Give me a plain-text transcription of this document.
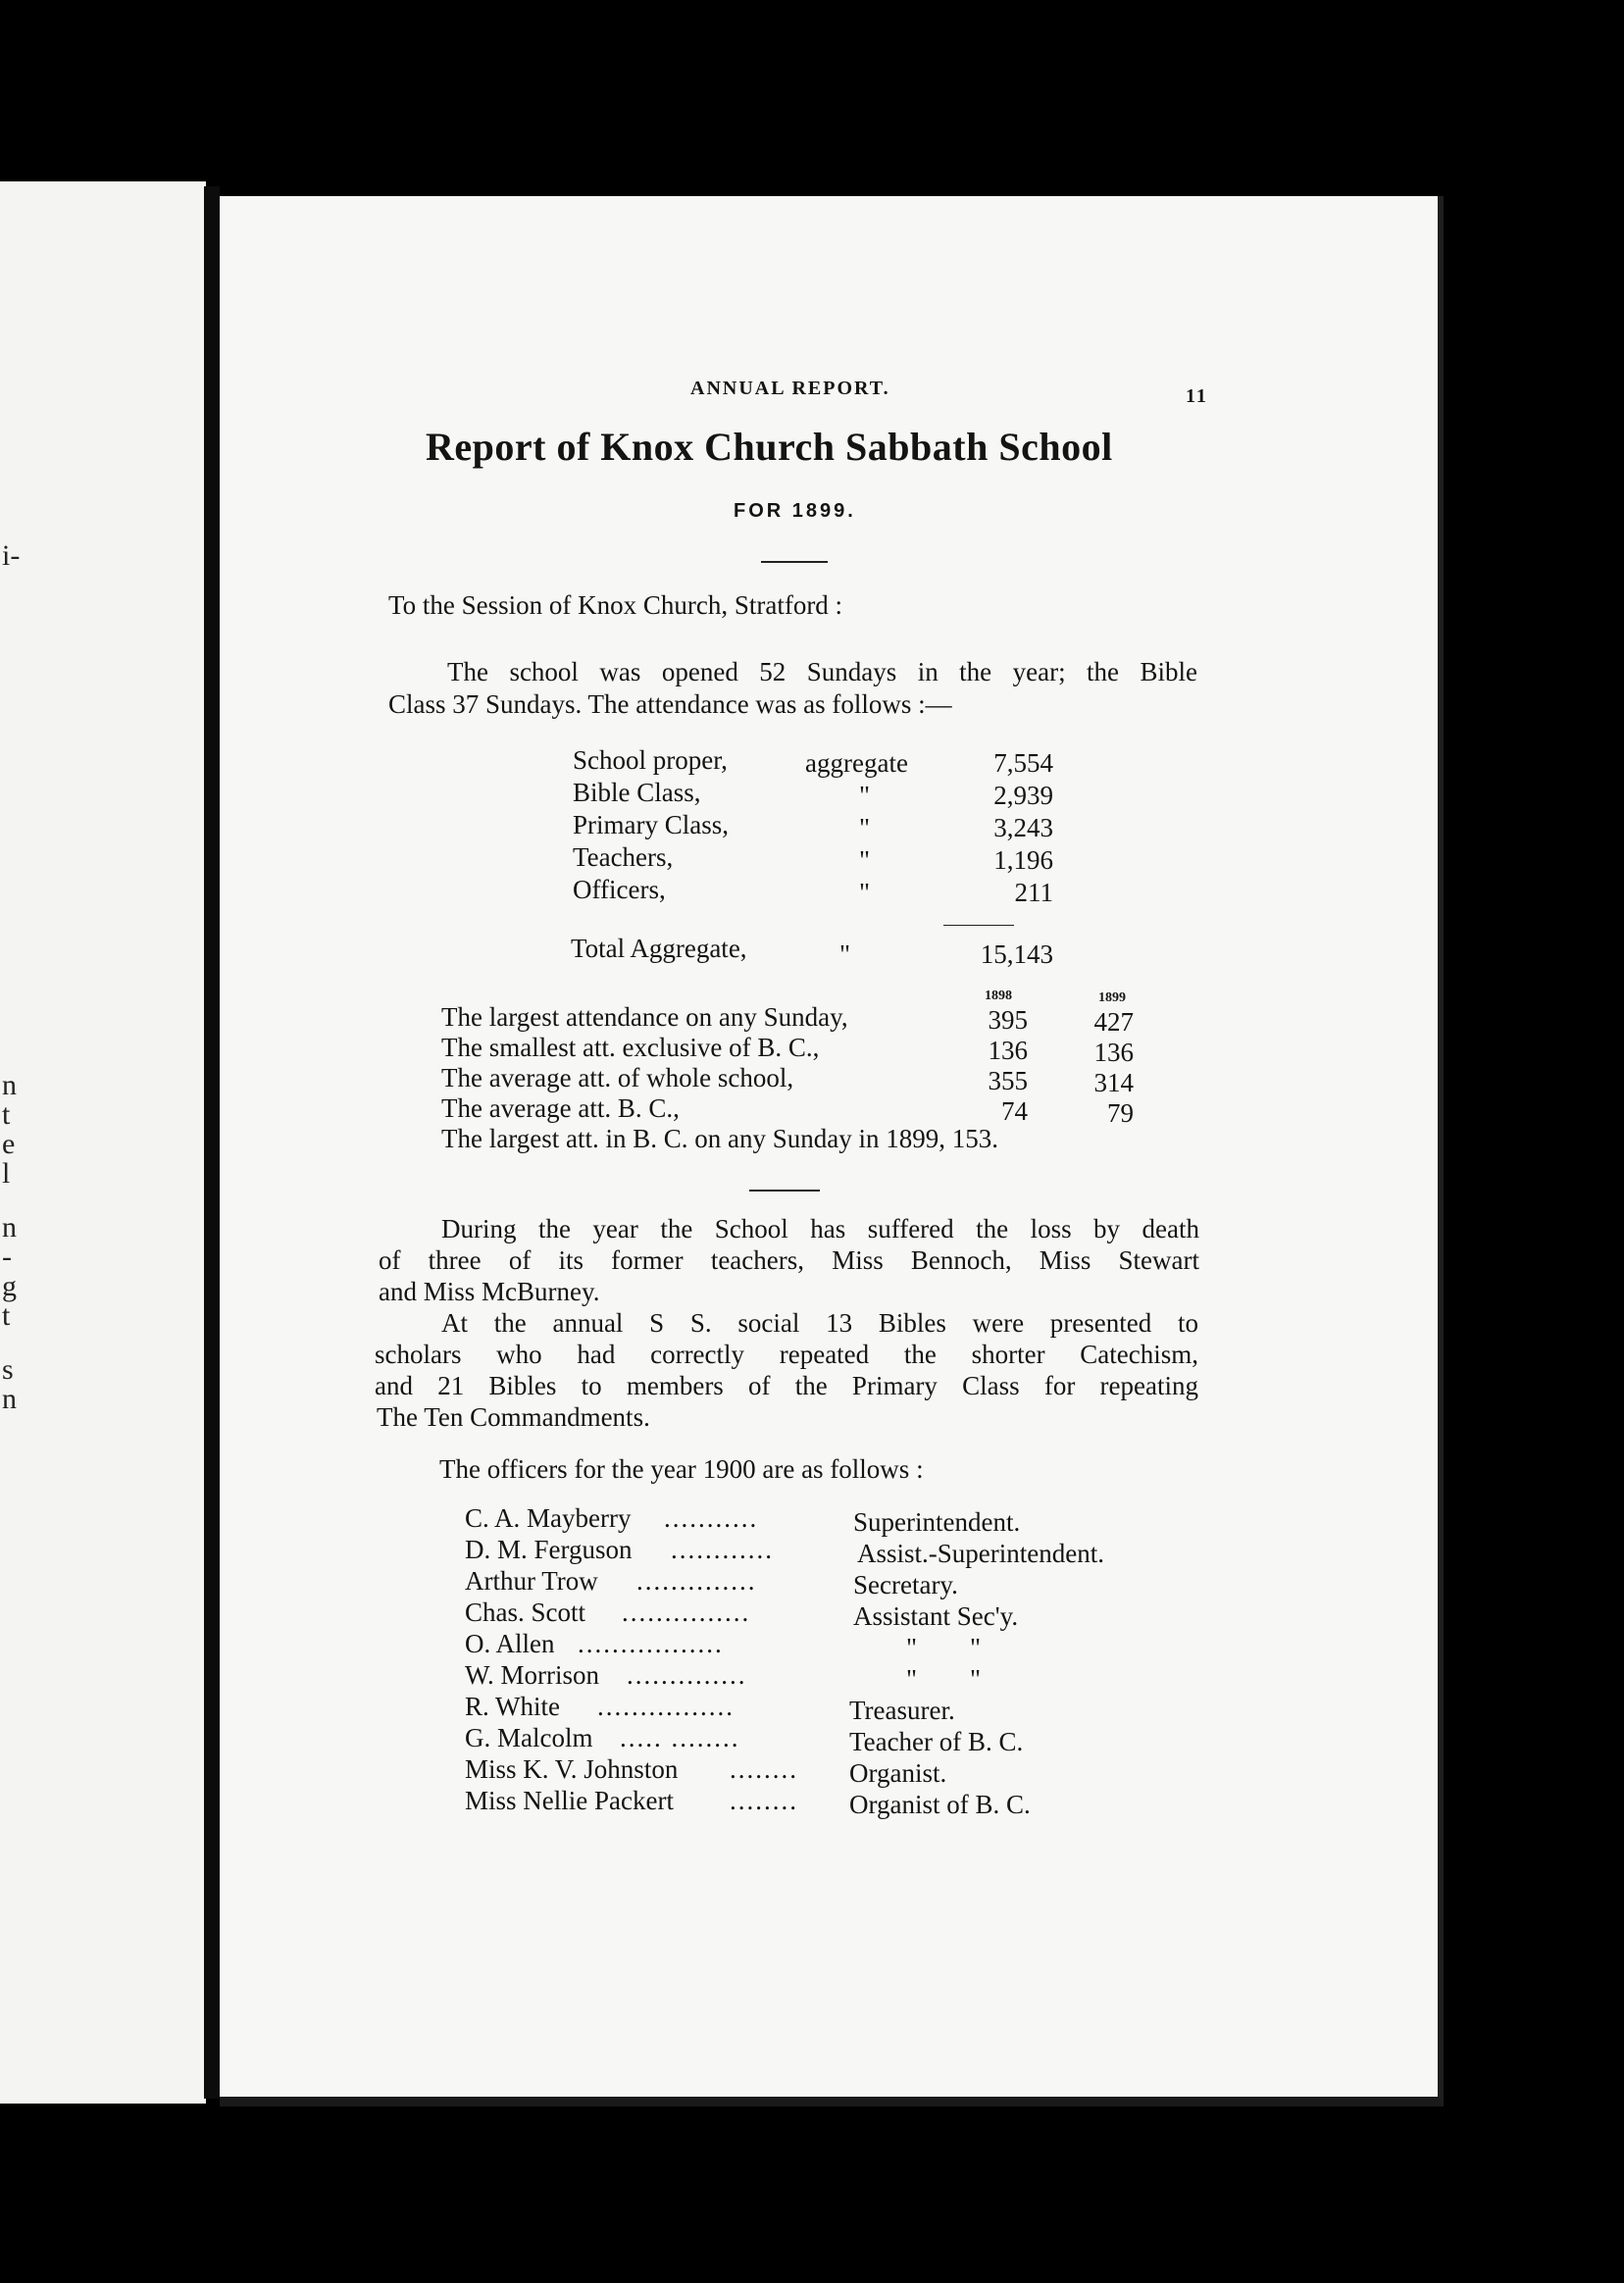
i-
n
t
e
l
n
-
g
t
s
n
ANNUAL REPORT.	11
Report of Knox Church Sabbath School
FOR 1899.
To the Session of Knox Church, Stratford :
The school was opened 52 Sundays in the year; the Bible
Class 37 Sundays. The attendance was as follows :—
School proper,	aggregate	7,554
Bible Class,	"	2,939
Primary Class,	"	3,243
Teachers,	"	1,196
Officers,	"	211
Total Aggregate,	"	15,143
1898	1899
The largest attendance on any Sunday,	395	427
The smallest att. exclusive of B. C.,	136	136
The average att. of whole school,	355	314
The average att. B. C.,	74	79
The largest att. in B. C. on any Sunday in 1899, 153.
During the year the School has suffered the loss by death
of three of its former teachers, Miss Bennoch, Miss Stewart
and Miss McBurney.
At the annual S S. social 13 Bibles were presented to
scholars who had correctly repeated the shorter Catechism,
and 21 Bibles to members of the Primary Class for repeating
The Ten Commandments.
The officers for the year 1900 are as follows :
C. A. Mayberry ...........	Superintendent.
D. M. Ferguson ............	Assist.-Superintendent.
Arthur Trow ..............	Secretary.
Chas. Scott ...............	Assistant Sec'y.
O. Allen .................	"        "
W. Morrison ..............	"        "
R. White ................	Treasurer.
G. Malcolm ..... ........	Teacher of B. C.
Miss K. V. Johnston ........ Organist.
Miss Nellie Packert ........ Organist of B. C.
